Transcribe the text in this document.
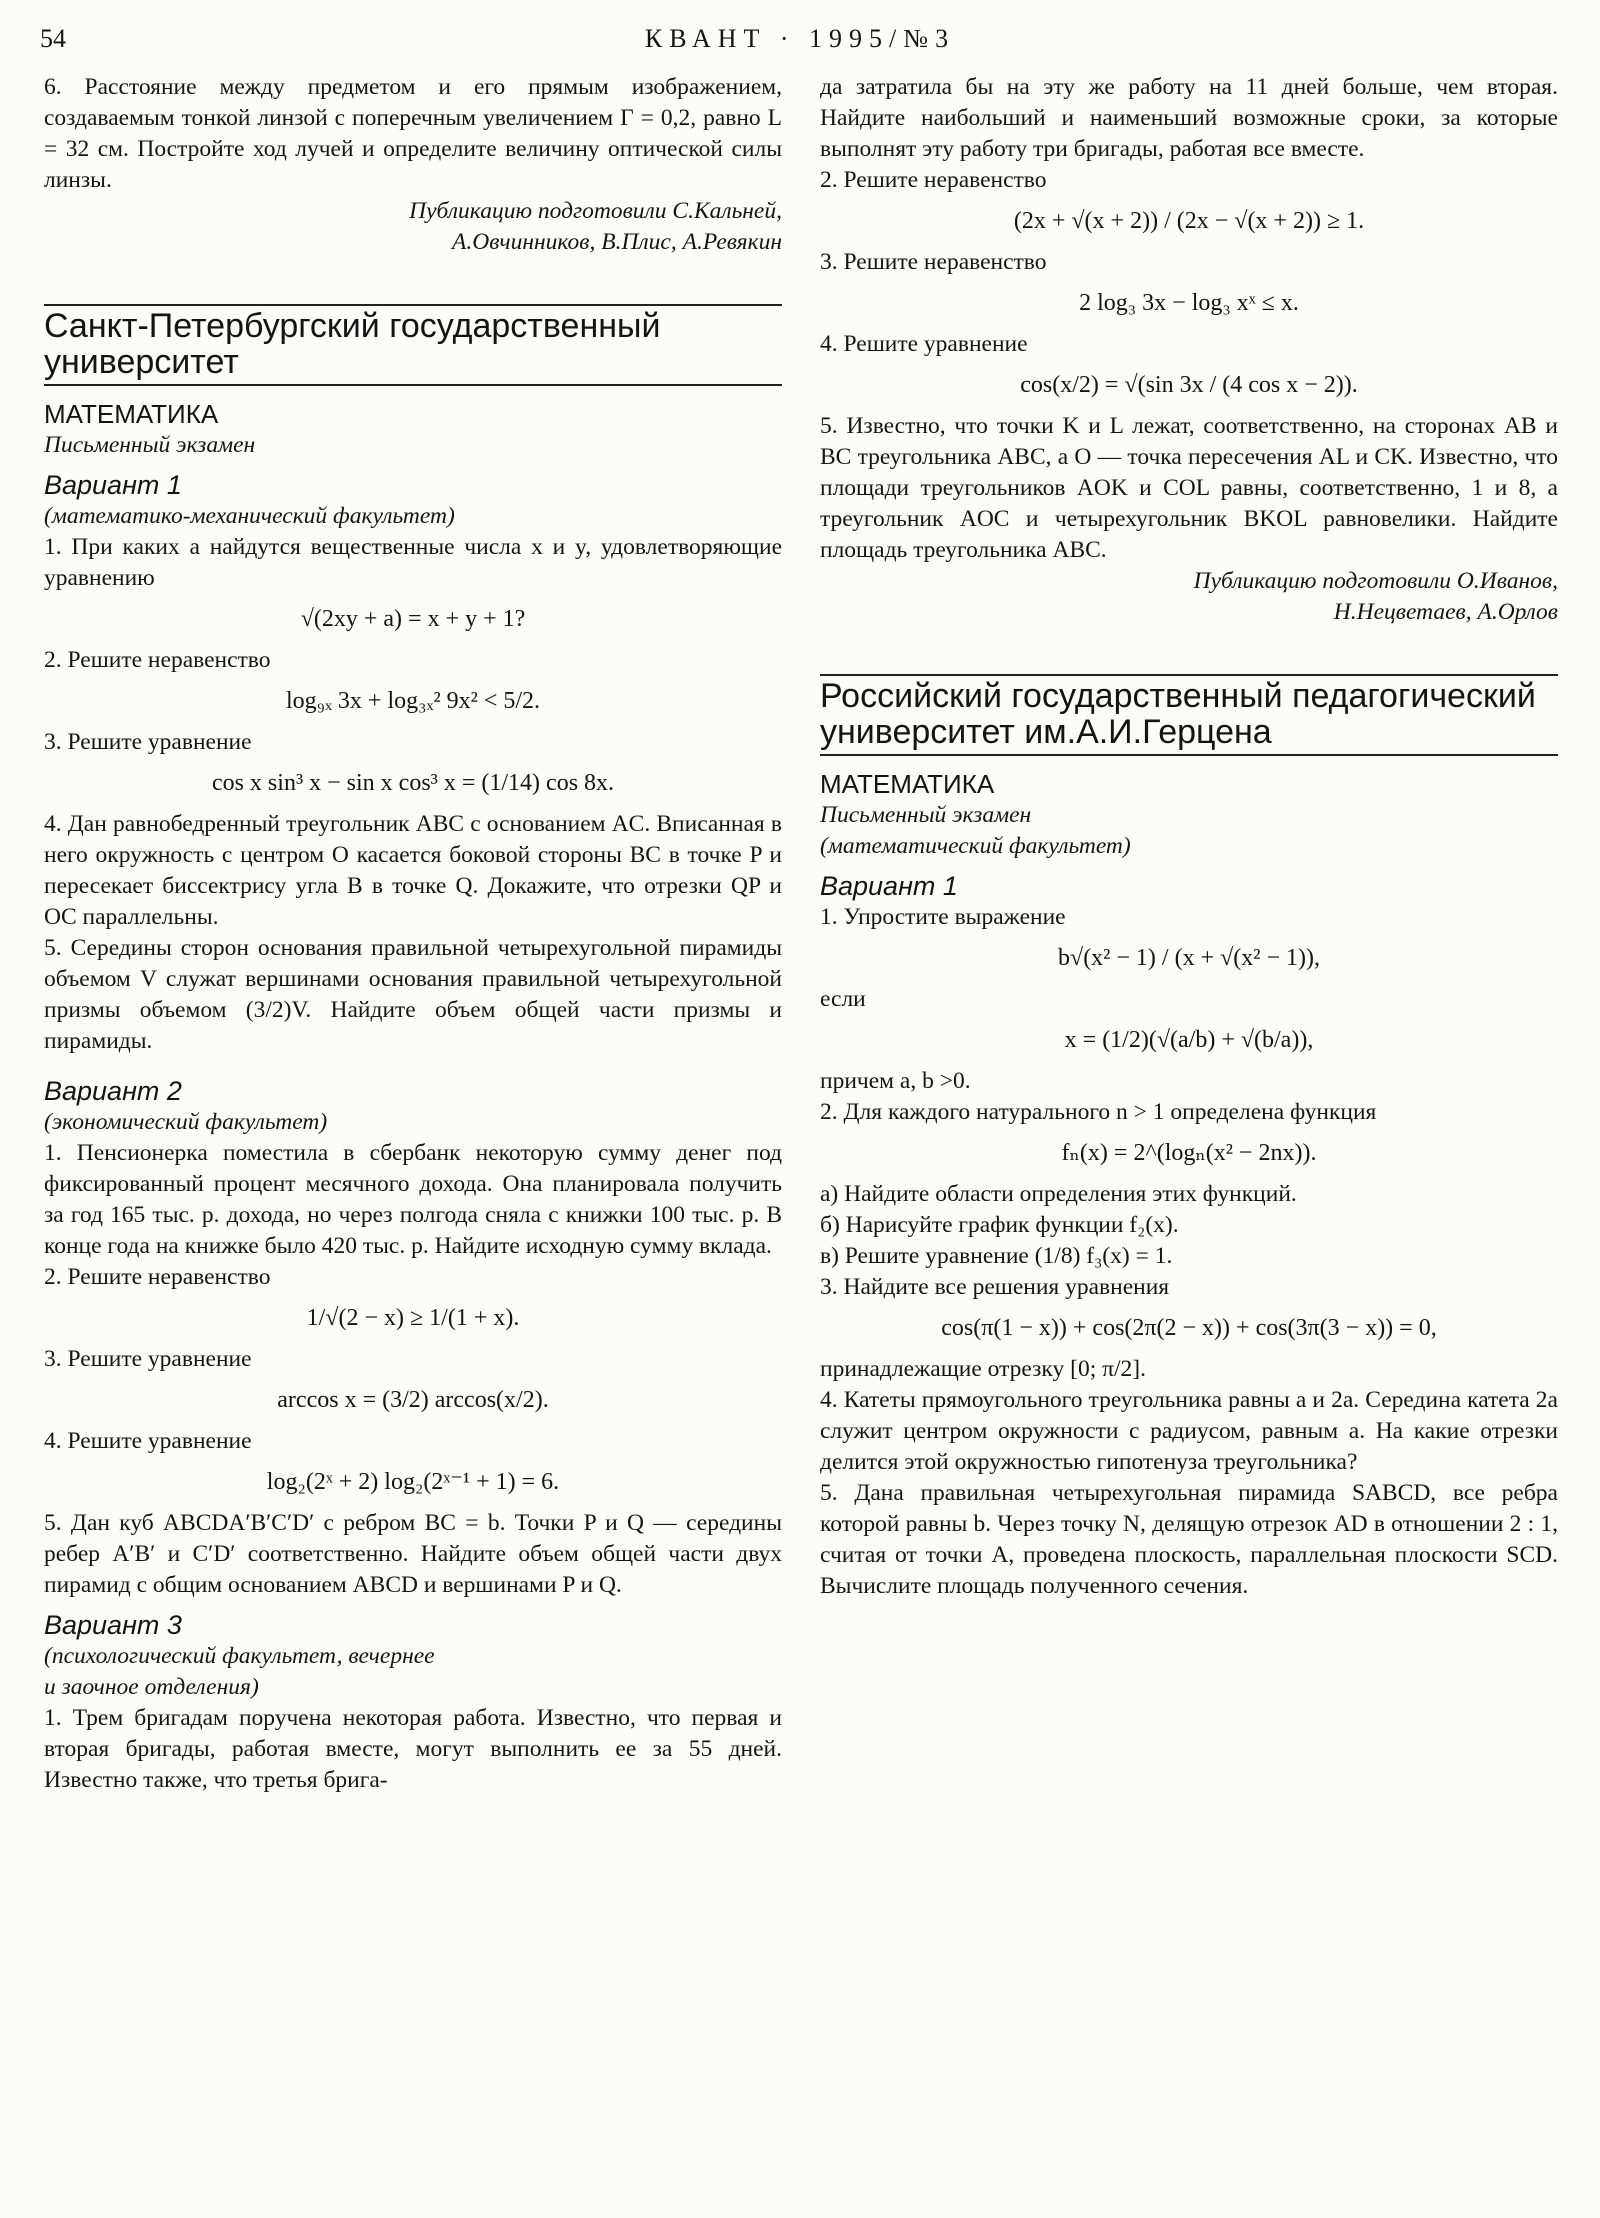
54	КВАНТ · 1995/№3

6. Расстояние между предметом и его прямым изображением, создаваемым тонкой линзой с поперечным увеличением Γ = 0,2, равно L = 32 см. Постройте ход лучей и определите величину оптической силы линзы.

Публикацию подготовили С.Кальней,

А.Овчинников, В.Плис, А.Ревякин

Санкт-Петербургский государственный университет
МАТЕМАТИКА

Письменный экзамен

Вариант 1

(математико-механический факультет)

1. При каких a найдутся вещественные числа x и y, удовлетворяющие уравнению

√(2xy + a) = x + y + 1?

2. Решите неравенство

log₉ₓ 3x + log₃ₓ² 9x² < 5/2.

3. Решите уравнение

cos x sin³ x − sin x cos³ x = (1/14) cos 8x.

4. Дан равнобедренный треугольник ABC с основанием AC. Вписанная в него окружность с центром O касается боковой стороны BC в точке P и пересекает биссектрису угла B в точке Q. Докажите, что отрезки QP и OC параллельны.

5. Середины сторон основания правильной четырехугольной пирамиды объемом V служат вершинами основания правильной четырехугольной призмы объемом (3/2)V. Найдите объем общей части призмы и пирамиды.

Вариант 2

(экономический факультет)

1. Пенсионерка поместила в сбербанк некоторую сумму денег под фиксированный процент месячного дохода. Она планировала получить за год 165 тыс. р. дохода, но через полгода сняла с книжки 100 тыс. р. В конце года на книжке было 420 тыс. р. Найдите исходную сумму вклада.

2. Решите неравенство

1/√(2 − x) ≥ 1/(1 + x).

3. Решите уравнение

arccos x = (3/2) arccos(x/2).

4. Решите уравнение

log₂(2ˣ + 2) log₂(2ˣ⁻¹ + 1) = 6.

5. Дан куб ABCDA′B′C′D′ с ребром BC = b. Точки P и Q — середины ребер A′B′ и C′D′ соответственно. Найдите объем общей части двух пирамид с общим основанием ABCD и вершинами P и Q.

Вариант 3

(психологический факультет, вечернее

и заочное отделения)

1. Трем бригадам поручена некоторая работа. Известно, что первая и вторая бригады, работая вместе, могут выполнить ее за 55 дней. Известно также, что третья брига-

да затратила бы на эту же работу на 11 дней больше, чем вторая. Найдите наибольший и наименьший возможные сроки, за которые выполнят эту работу три бригады, работая все вместе.

2. Решите неравенство

(2x + √(x + 2)) / (2x − √(x + 2)) ≥ 1.

3. Решите неравенство

2 log₃ 3x − log₃ xˣ ≤ x.

4. Решите уравнение

cos(x/2) = √(sin 3x / (4 cos x − 2)).

5. Известно, что точки K и L лежат, соответственно, на сторонах AB и BC треугольника ABC, а O — точка пересечения AL и CK. Известно, что площади треугольников AOK и COL равны, соответственно, 1 и 8, а треугольник AOC и четырехугольник BKOL равновелики. Найдите площадь треугольника ABC.

Публикацию подготовили О.Иванов,

Н.Нецветаев, А.Орлов

Российский государственный педагогический университет им.А.И.Герцена
МАТЕМАТИКА

Письменный экзамен

(математический факультет)

Вариант 1

1. Упростите выражение

b√(x² − 1) / (x + √(x² − 1)),

если

x = (1/2)(√(a/b) + √(b/a)),

причем a, b >0.

2. Для каждого натурального n > 1 определена функция

fₙ(x) = 2^(logₙ(x² − 2nx)).

а) Найдите области определения этих функций.

б) Нарисуйте график функции f₂(x).

в) Решите уравнение (1/8) f₃(x) = 1.

3. Найдите все решения уравнения

cos(π(1 − x)) + cos(2π(2 − x)) + cos(3π(3 − x)) = 0,

принадлежащие отрезку [0; π/2].

4. Катеты прямоугольного треугольника равны a и 2a. Середина катета 2a служит центром окружности с радиусом, равным a. На какие отрезки делится этой окружностью гипотенуза треугольника?

5. Дана правильная четырехугольная пирамида SABCD, все ребра которой равны b. Через точку N, делящую отрезок AD в отношении 2 : 1, считая от точки A, проведена плоскость, параллельная плоскости SCD. Вычислите площадь полученного сечения.
